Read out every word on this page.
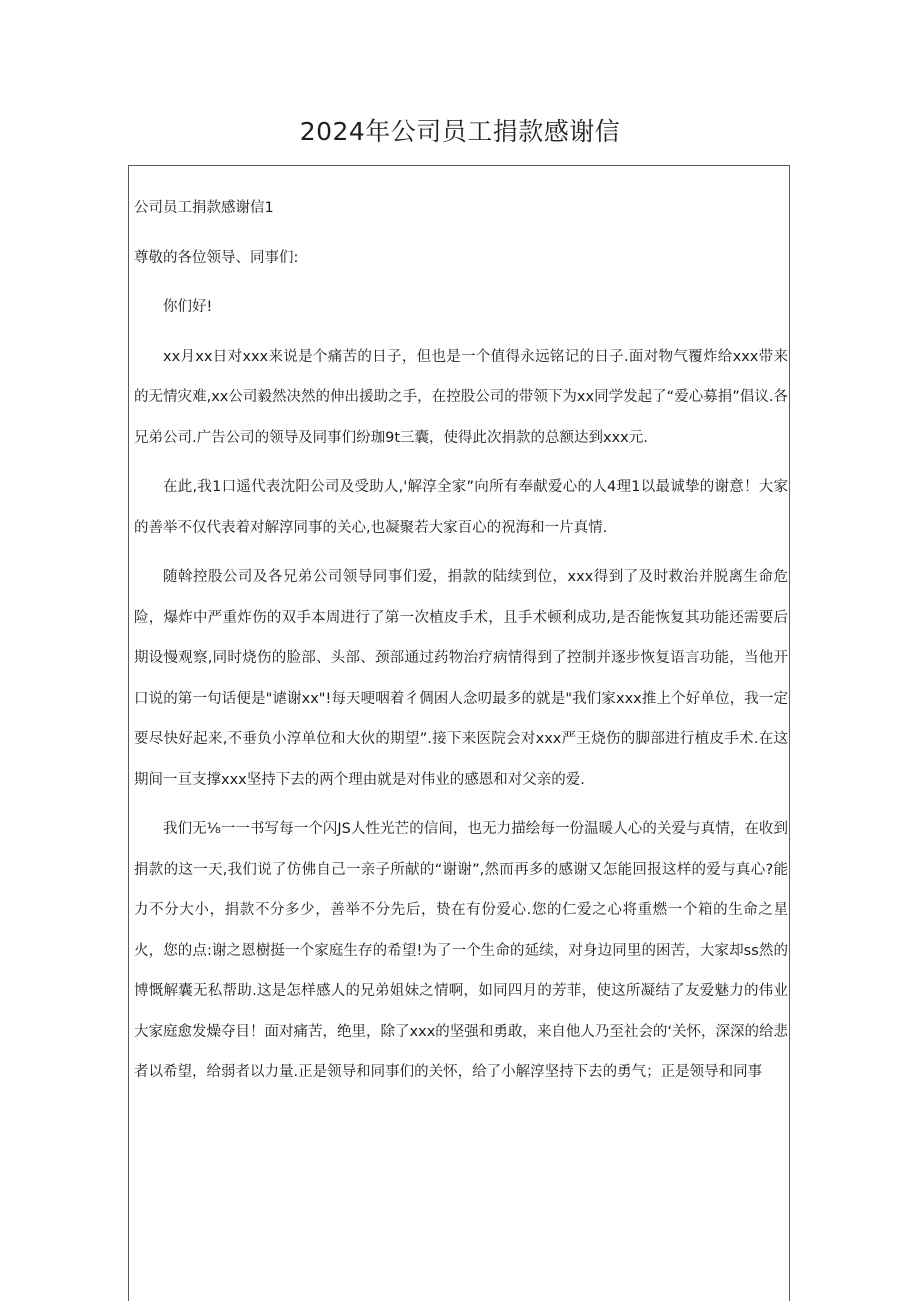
2024年公司员工捐款感谢信

公司员工捐款感谢信1

尊敬的各位领导、同事们:

你们好!

xx月xx日对xxx来说是个痛苦的日子，但也是一个值得永远铭记的日子.面对物气覆炸给xxx带来的无情灾难,xx公司毅然决然的伸出援助之手，在控股公司的带领下为xx同学发起了“爱心募捐”倡议.各兄弟公司.广告公司的领导及同事们纷珈9t三囊，使得此次捐款的总额达到xxx元.

在此,我1口遥代表沈阳公司及受助人,'解淳全家”向所有奉献爱心的人4理1以最诚挚的谢意！大家的善举不仅代表着对解淳同事的关心,也凝聚若大家百心的祝海和一片真情.

随斡控股公司及各兄弟公司领导同事们爱，捐款的陆续到位，xxx得到了及时救治并脱离生命危险，爆炸中严重炸伤的双手本周进行了第一次植皮手术，且手术顿利成功,是否能恢复其功能还需要后期设慢观察,同时烧伤的脸部、头部、颈部通过药物治疗病情得到了控制并逐步恢复语言功能，当他开口说的第一句话便是"谑谢xx"!每天哽咽着彳倜困人念叨最多的就是"我们家xxx推上个好单位，我一定要尽快好起来,不垂负小淳单位和大伙的期望”.接下来医院会对xxx严王烧伤的脚部进行植皮手术.在这期间一亘支撑xxx坚持下去的两个理由就是对伟业的感恩和对父亲的爱.

我们无⅛一一书写每一个闪JS人性光芒的信间，也无力描绘每一份温暖人心的关爱与真情，在收到捐款的这一天,我们说了仿佛自己一亲子所献的“谢谢”,然而再多的感谢又怎能回报这样的爱与真心?能力不分大小，捐款不分多少，善举不分先后，贽在有份爱心.您的仁爱之心将重燃一个箱的生命之星火，您的点:谢之恩樹挺一个家庭生存的希望!为了一个生命的延续，对身边同里的困苦，大家却ss然的博慨解囊无私帮助.这是怎样感人的兄弟姐妹之情啊，如同四月的芳菲，使这所凝结了友爱魅力的伟业大家庭愈发燥夺目！面对痛苦，绝里，除了xxx的坚强和勇敢，来自他人乃至社会的‘关怀，深深的给悲者以希望，给弱者以力量.正是领导和同事们的关怀，给了小解淳坚持下去的勇气；正是领导和同事
